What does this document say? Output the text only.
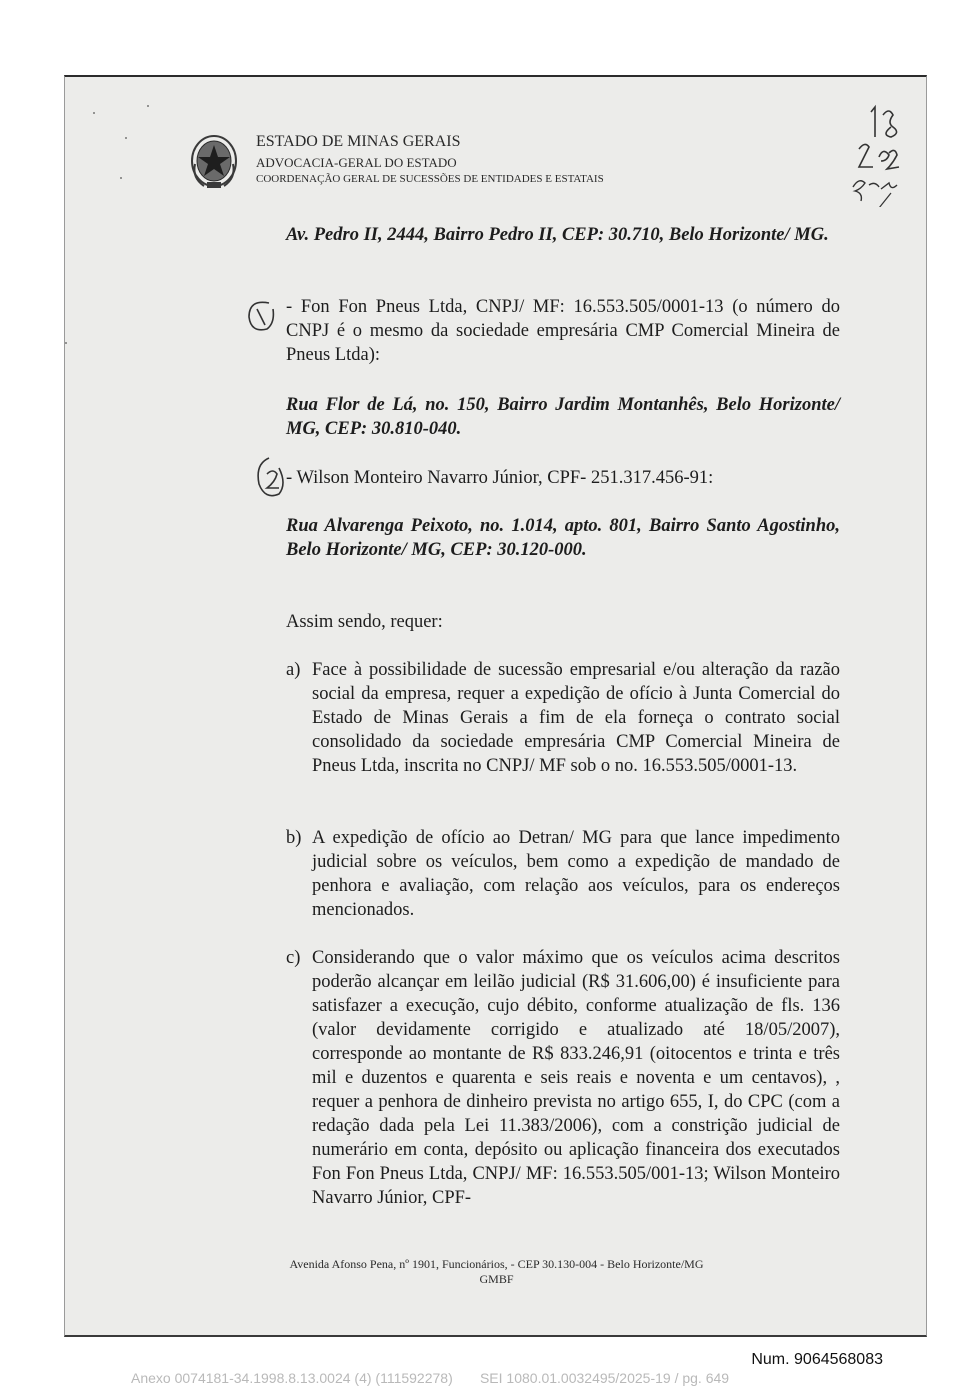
ESTADO DE MINAS GERAIS
ADVOCACIA-GERAL DO ESTADO
COORDENAÇÃO GERAL DE SUCESSÕES DE ENTIDADES E ESTATAIS

Av. Pedro II, 2444, Bairro Pedro II, CEP: 30.710, Belo Horizonte/ MG.

- Fon Fon Pneus Ltda, CNPJ/ MF: 16.553.505/0001-13 (o número do CNPJ é o mesmo da sociedade empresária CMP Comercial Mineira de Pneus Ltda):

Rua Flor de Lá, no. 150, Bairro Jardim Montanhês, Belo Horizonte/ MG, CEP: 30.810-040.

- Wilson Monteiro Navarro Júnior, CPF- 251.317.456-91:

Rua Alvarenga Peixoto, no. 1.014, apto. 801, Bairro Santo Agostinho, Belo Horizonte/ MG, CEP: 30.120-000.

Assim sendo, requer:

a) Face à possibilidade de sucessão empresarial e/ou alteração da razão social da empresa, requer a expedição de ofício à Junta Comercial do Estado de Minas Gerais a fim de ela forneça o contrato social consolidado da sociedade empresária CMP Comercial Mineira de Pneus Ltda, inscrita no CNPJ/ MF sob o no. 16.553.505/0001-13.
b) A expedição de ofício ao Detran/ MG para que lance impedimento judicial sobre os veículos, bem como a expedição de mandado de penhora e avaliação, com relação aos veículos, para os endereços mencionados.
c) Considerando que o valor máximo que os veículos acima descritos poderão alcançar em leilão judicial (R$ 31.606,00) é insuficiente para satisfazer a execução, cujo débito, conforme atualização de fls. 136 (valor devidamente corrigido e atualizado até 18/05/2007), corresponde ao montante de R$ 833.246,91 (oitocentos e trinta e três mil e duzentos e quarenta e seis reais e noventa e um centavos), , requer a penhora de dinheiro prevista no artigo 655, I, do CPC (com a redação dada pela Lei 11.383/2006), com a constrição judicial de numerário em conta, depósito ou aplicação financeira dos executados Fon Fon Pneus Ltda, CNPJ/ MF: 16.553.505/001-13; Wilson Monteiro Navarro Júnior, CPF-
Avenida Afonso Pena, nº 1901, Funcionários, - CEP 30.130-004 - Belo Horizonte/MG
GMBF
Num. 9064568083
Anexo 0074181-34.1998.8.13.0024 (4) (111592278)       SEI 1080.01.0032495/2025-19 / pg. 649
